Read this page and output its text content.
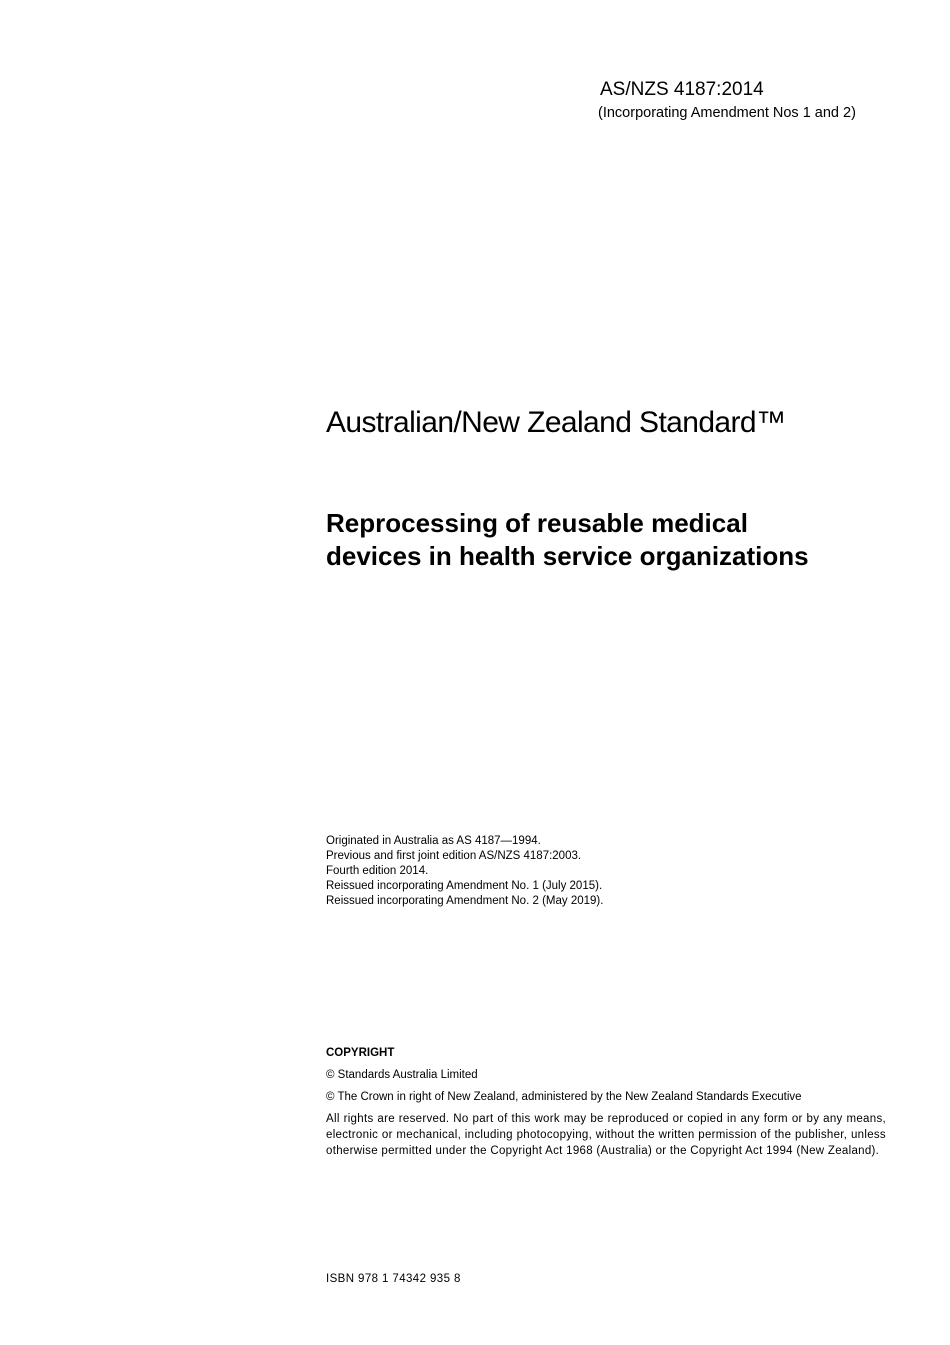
AS/NZS 4187:2014
(Incorporating Amendment Nos 1 and 2)
Australian/New Zealand Standard™
Reprocessing of reusable medical
devices in health service organizations
Originated in Australia as AS 4187—1994.
Previous and first joint edition AS/NZS 4187:2003.
Fourth edition 2014.
Reissued incorporating Amendment No. 1 (July 2015).
Reissued incorporating Amendment No. 2 (May 2019).

COPYRIGHT

© Standards Australia Limited

© The Crown in right of New Zealand, administered by the New Zealand Standards Executive

All rights are reserved. No part of this work may be reproduced or copied in any form or by any means, electronic or mechanical, including photocopying, without the written permission of the publisher, unless otherwise permitted under the Copyright Act 1968 (Australia) or the Copyright Act 1994 (New Zealand).

ISBN 978 1 74342 935 8
